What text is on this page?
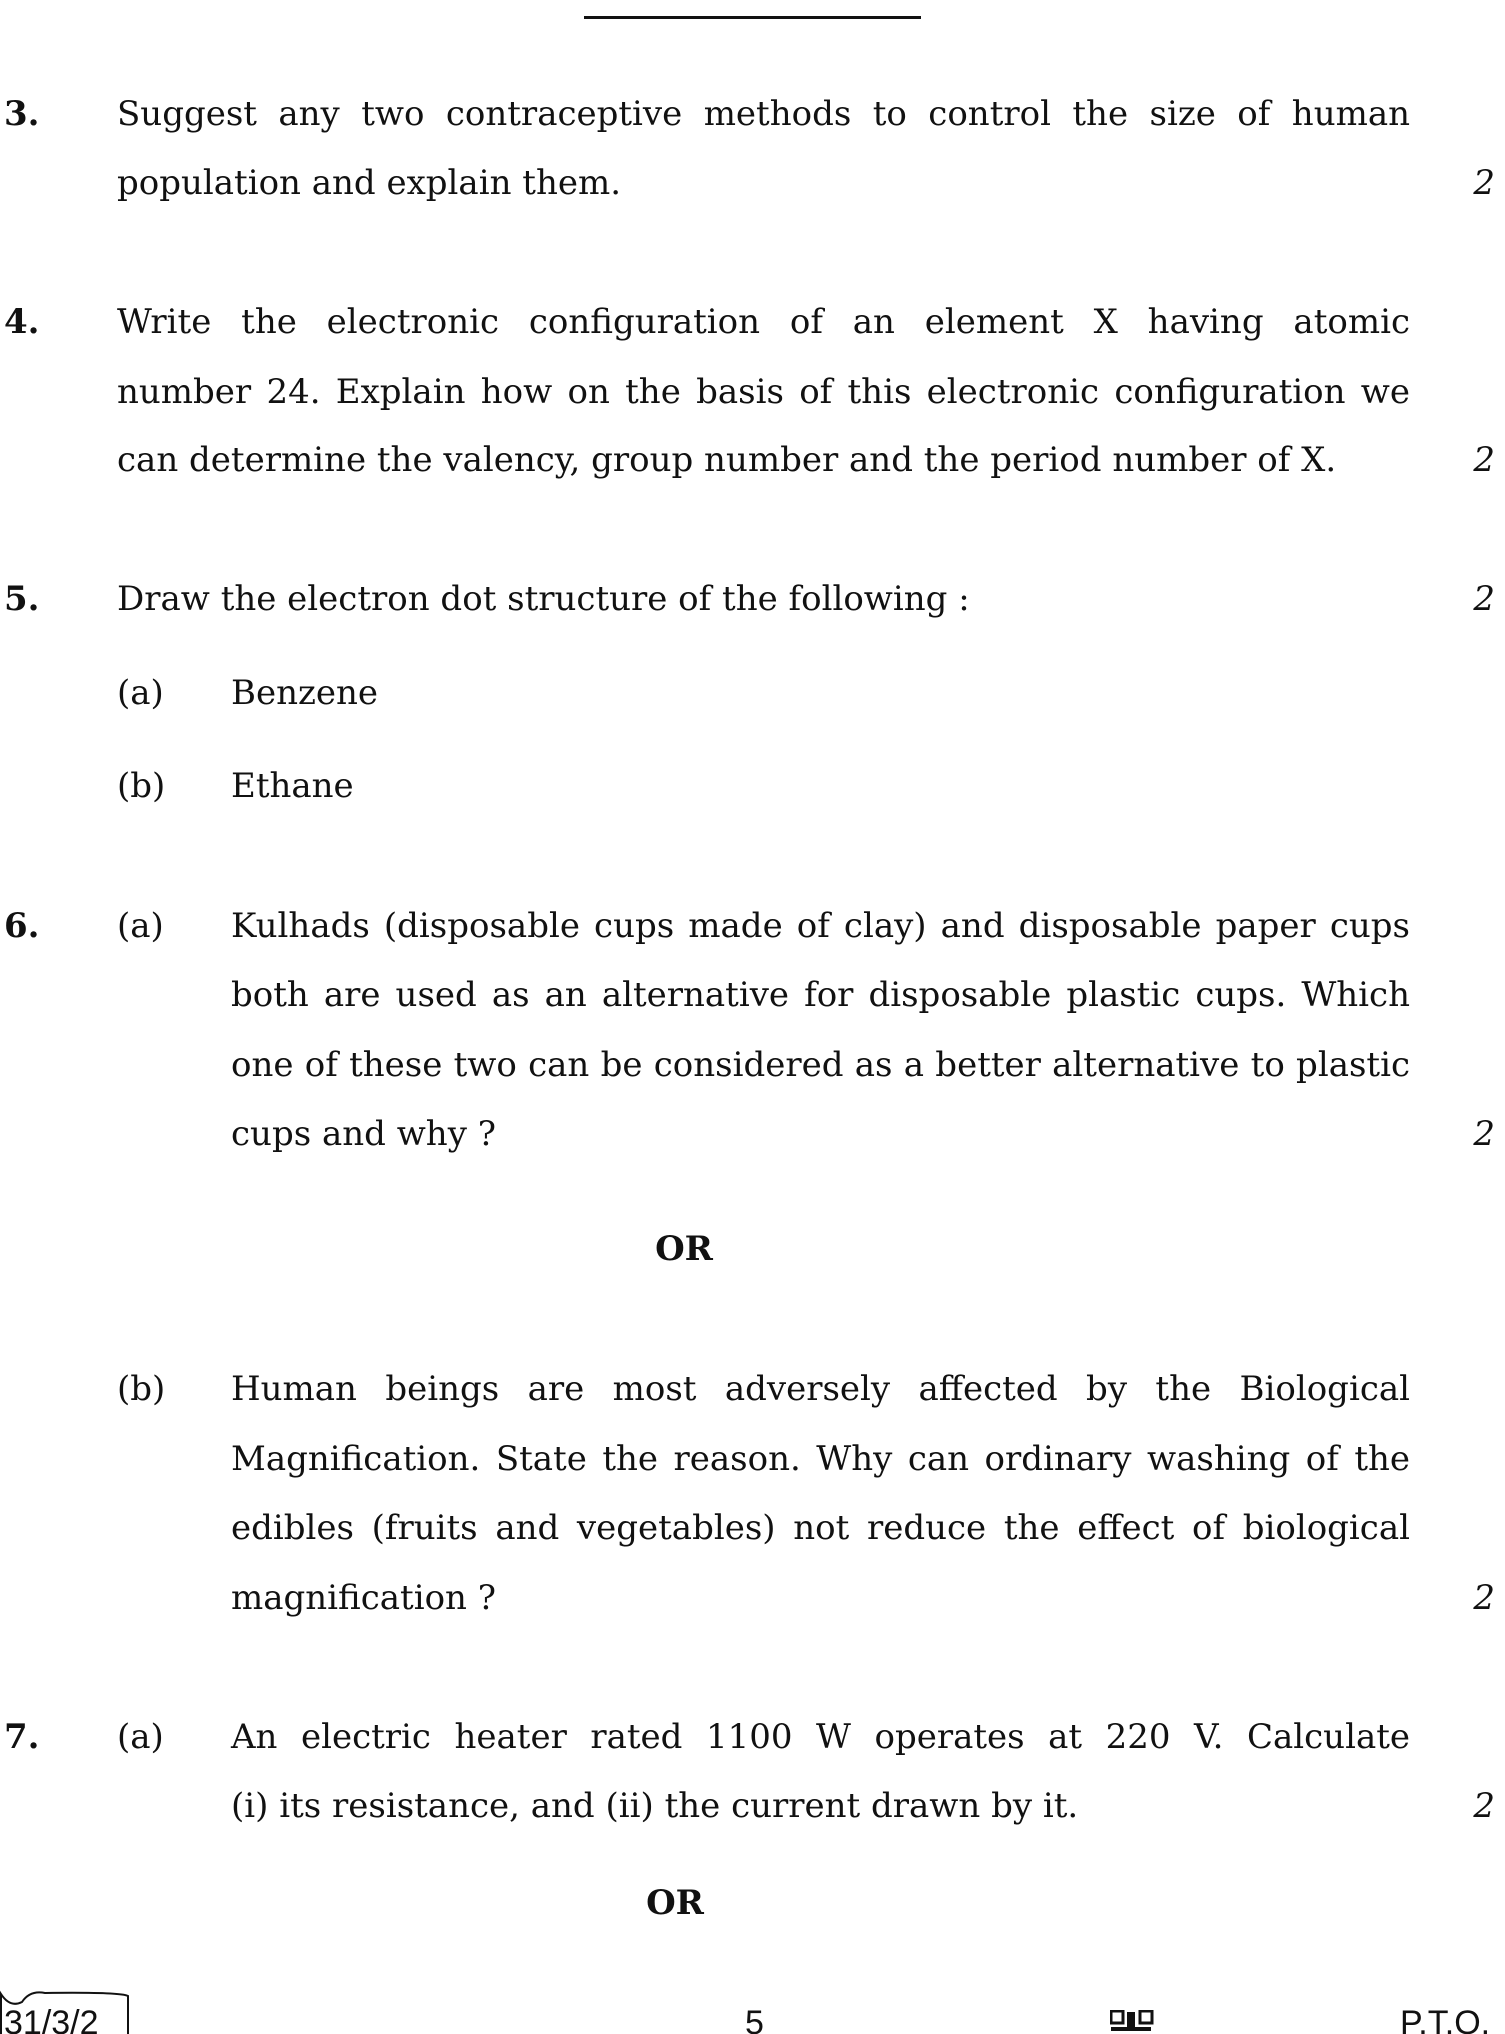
3. Suggest any two contraceptive methods to control the size of human
population and explain them.	2
4. Write the electronic configuration of an element X having atomic
number 24. Explain how on the basis of this electronic configuration we
can determine the valency, group number and the period number of X.	2
5. Draw the electron dot structure of the following :	2
(a) Benzene
(b) Ethane
6. (a) Kulhads (disposable cups made of clay) and disposable paper cups
both are used as an alternative for disposable plastic cups. Which
one of these two can be considered as a better alternative to plastic
cups and why ?	2
OR
(b) Human beings are most adversely affected by the Biological
Magnification. State the reason. Why can ordinary washing of the
edibles (fruits and vegetables) not reduce the effect of biological
magnification ?	2
7. (a) An electric heater rated 1100 W operates at 220 V. Calculate
(i) its resistance, and (ii) the current drawn by it.	2
OR
31/3/2	5	P.T.O.
